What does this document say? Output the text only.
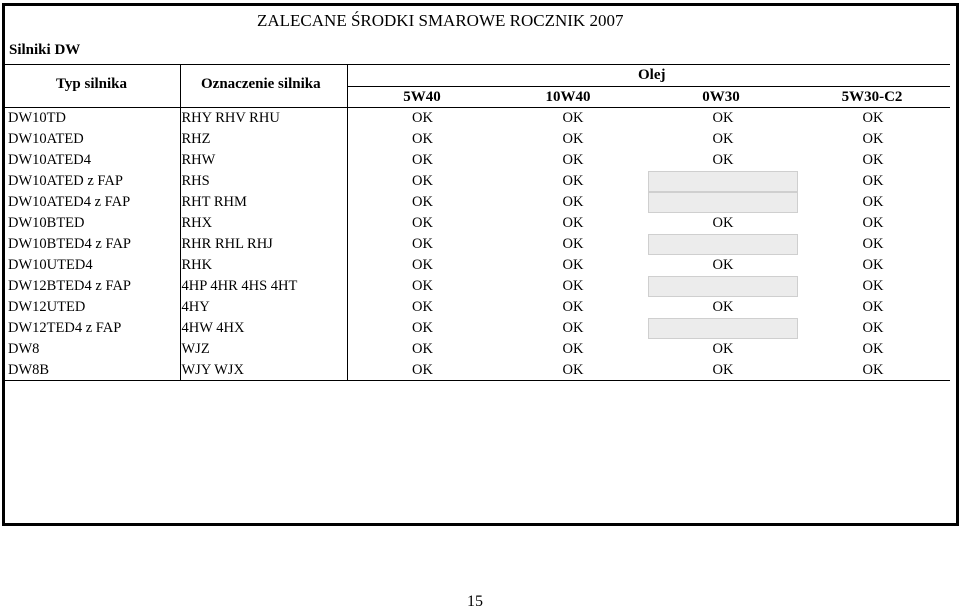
ZALECANE ŚRODKI SMAROWE ROCZNIK 2007
Silniki DW
Typ silnika	Oznaczenie silnika
Olej
5W40	10W40	0W30	5W30-C2
DW10TD	RHY RHV RHU	OK	OK	OK	OK
DW10ATED	RHZ	OK	OK	OK	OK
DW10ATED4	RHW	OK	OK	OK	OK
DW10ATED z FAP	RHS	OK	OK		OK
DW10ATED4 z FAP	RHT RHM	OK	OK		OK
DW10BTED	RHX	OK	OK	OK	OK
DW10BTED4 z FAP	RHR RHL RHJ	OK	OK		OK
DW10UTED4	RHK	OK	OK	OK	OK
DW12BTED4 z FAP	4HP 4HR 4HS 4HT	OK	OK		OK
DW12UTED	4HY	OK	OK	OK	OK
DW12TED4 z FAP	4HW 4HX	OK	OK		OK
DW8	WJZ	OK	OK	OK	OK
DW8B	WJY WJX	OK	OK	OK	OK
15
